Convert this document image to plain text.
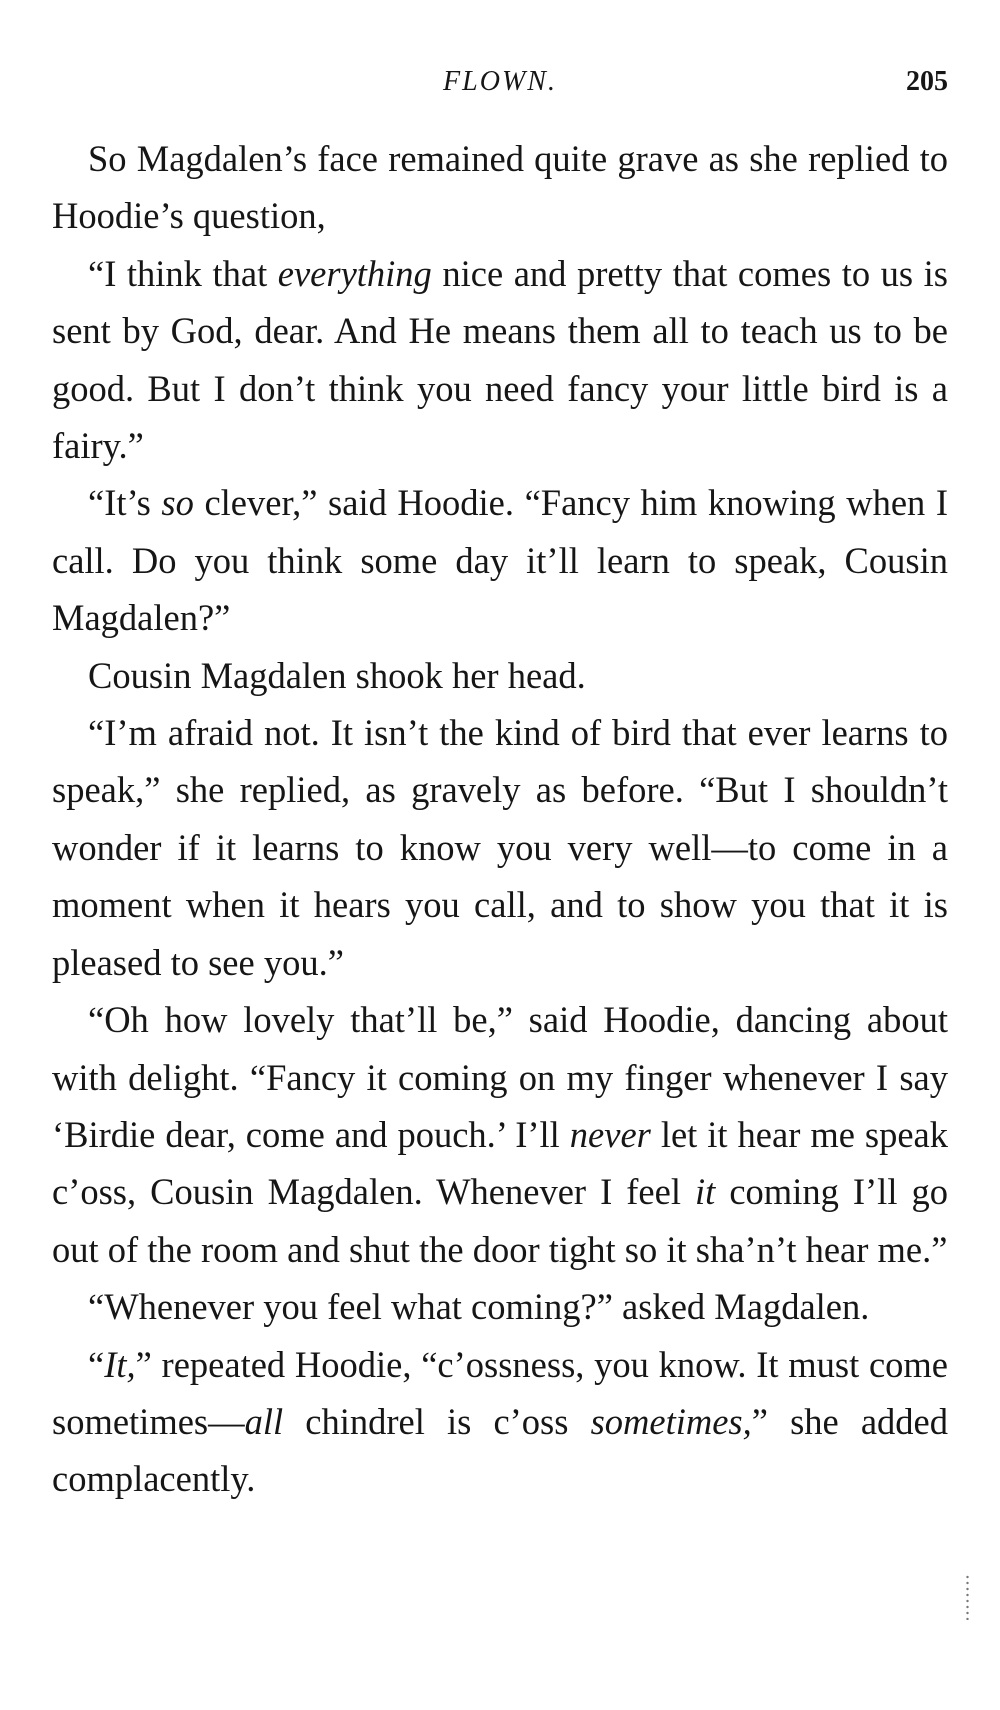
FLOWN.	205

So Magdalen’s face remained quite grave as she replied to Hoodie’s question,

“I think that everything nice and pretty that comes to us is sent by God, dear. And He means them all to teach us to be good. But I don’t think you need fancy your little bird is a fairy.”

“It’s so clever,” said Hoodie. “Fancy him knowing when I call. Do you think some day it’ll learn to speak, Cousin Magdalen?”

Cousin Magdalen shook her head.

“I’m afraid not. It isn’t the kind of bird that ever learns to speak,” she replied, as gravely as before. “But I shouldn’t wonder if it learns to know you very well—to come in a moment when it hears you call, and to show you that it is pleased to see you.”

“Oh how lovely that’ll be,” said Hoodie, dancing about with delight. “Fancy it coming on my finger whenever I say ‘Birdie dear, come and pouch.’ I’ll never let it hear me speak c’oss, Cousin Magdalen. Whenever I feel it coming I’ll go out of the room and shut the door tight so it sha’n’t hear me.”

“Whenever you feel what coming?” asked Magdalen.

“It,” repeated Hoodie, “c’ossness, you know. It must come sometimes—all chindrel is c’oss sometimes,” she added complacently.
